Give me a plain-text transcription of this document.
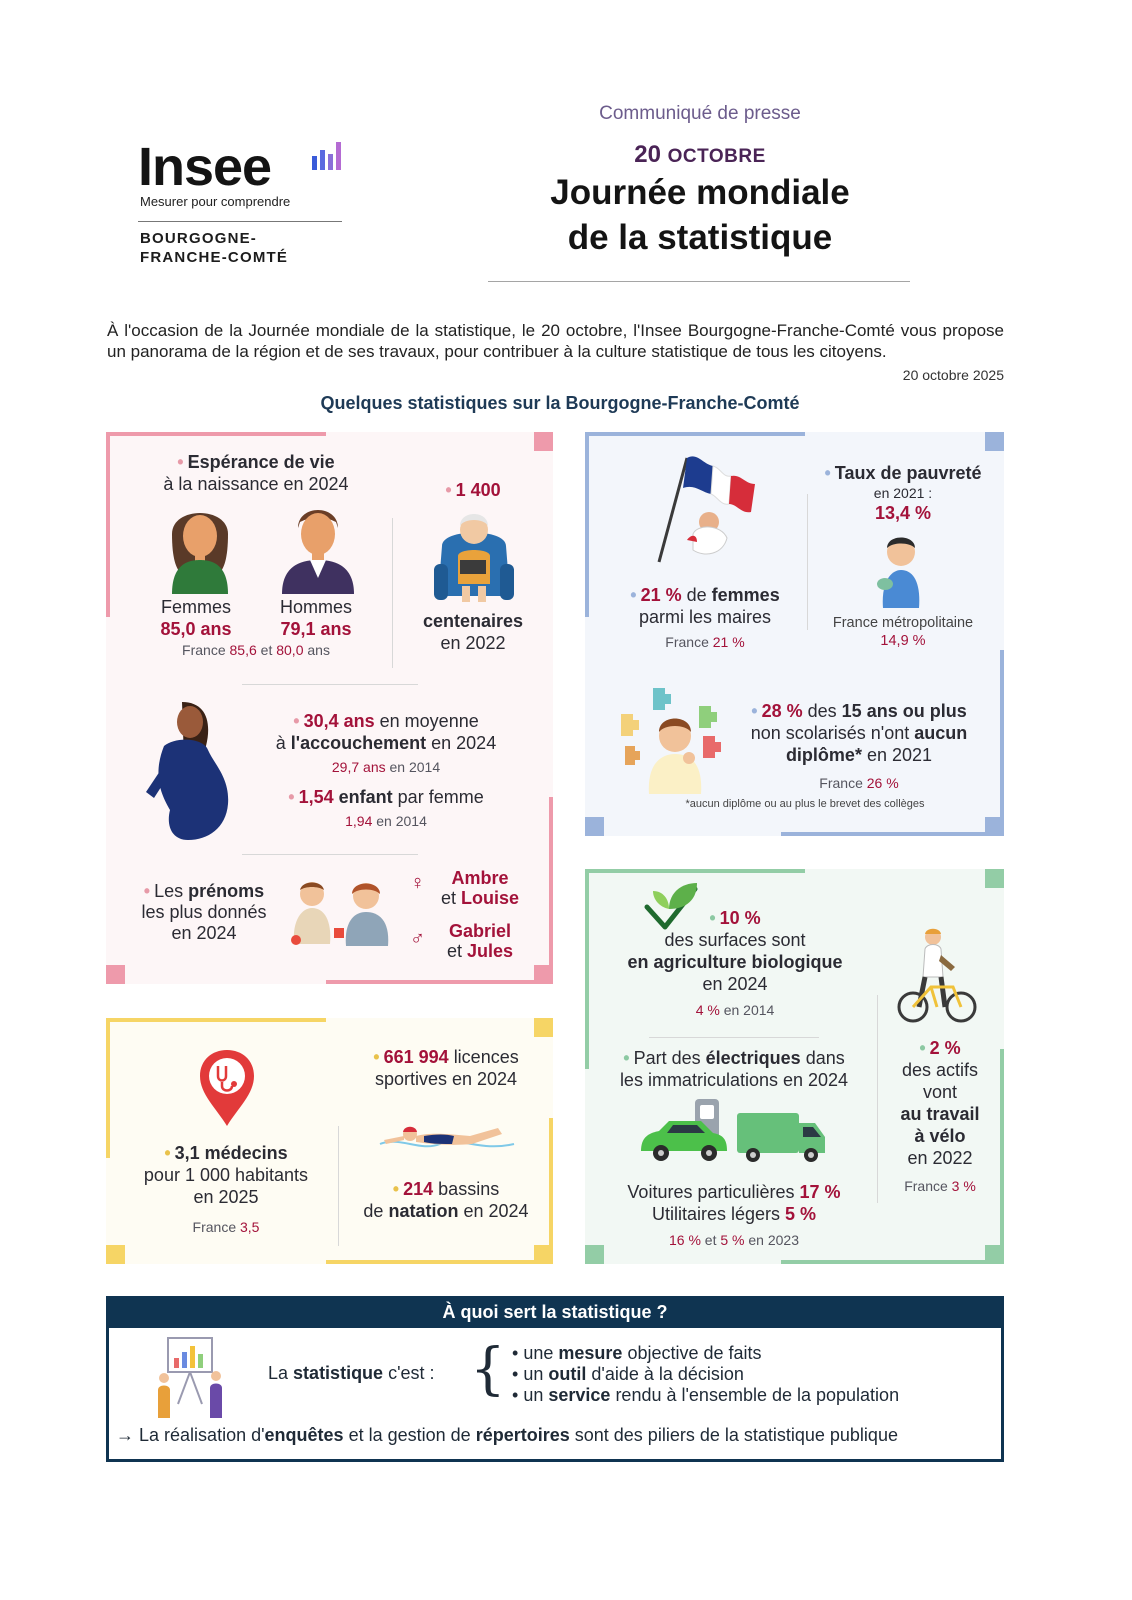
Insee
Mesurer pour comprendre
BOURGOGNE-
FRANCHE-COMTÉ
Communiqué de presse
20 OCTOBRE
Journée mondiale
de la statistique

À l'occasion de la Journée mondiale de la statistique, le 20 octobre, l'Insee Bourgogne-Franche-Comté vous propose un panorama de la région et de ses travaux, pour contribuer à la culture statistique de tous les citoyens.

20 octobre 2025
Quelques statistiques sur la Bourgogne-Franche-Comté
• Espérance de vie
à la naissance en 2024
Femmes
85,0 ans
Hommes
79,1 ans
France 85,6 et 80,0 ans
• 1 400
centenaires
en 2022
• 30,4 ans en moyenne
à l'accouchement en 2024
29,7 ans en 2014
• 1,54 enfant par femme
1,94 en 2014
• Les prénoms
les plus donnés
en 2024
♀	Ambre
et Louise
♂	Gabriel
et Jules
• 21 % de femmes
parmi les maires
France 21 %
• Taux de pauvreté
en 2021 :
13,4 %
France métropolitaine
14,9 %
• 28 % des 15 ans ou plus
non scolarisés n'ont aucun
diplôme* en 2021
France 26 %
*aucun diplôme ou au plus le brevet des collèges
• 3,1 médecins
pour 1 000 habitants
en 2025
France 3,5
• 661 994 licences
sportives en 2024
• 214 bassins
de natation en 2024
• 10 %
des surfaces sont
en agriculture biologique
en 2024
4 % en 2014
• Part des électriques dans
les immatriculations en 2024
Voitures particulières 17 %
Utilitaires légers 5 %
16 % et 5 % en 2023
• 2 %
des actifs
vont
au travail
à vélo
en 2022
France 3 %
À quoi sert la statistique ?
La statistique c'est : { • une mesure objective de faits
• un outil d'aide à la décision
• un service rendu à l'ensemble de la population
→ La réalisation d'enquêtes et la gestion de répertoires sont des piliers de la statistique publique
